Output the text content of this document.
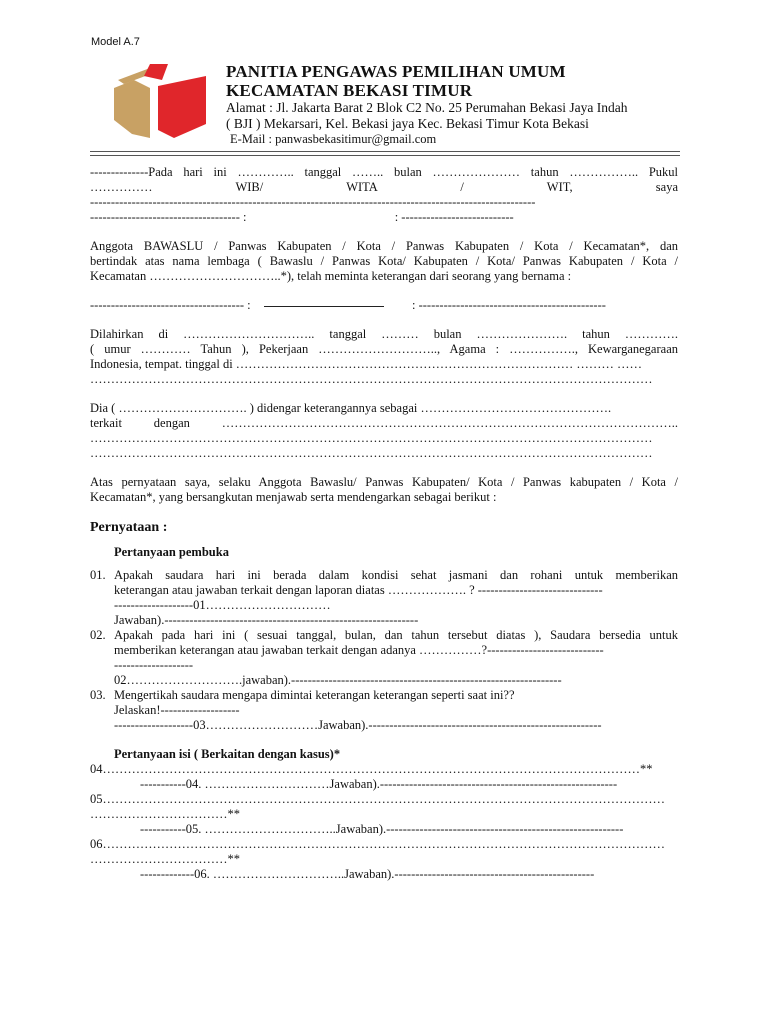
Model A.7
PANITIA PENGAWAS PEMILIHAN UMUM
KECAMATAN BEKASI TIMUR
Alamat : Jl. Jakarta Barat 2 Blok C2 No. 25 Perumahan Bekasi Jaya Indah
( BJI ) Mekarsari, Kel. Bekasi jaya Kec. Bekasi Timur Kota Bekasi
E-Mail : panwasbekasitimur@gmail.com
--------------Pada hari ini ………….. tanggal …….. bulan ………………… tahun …………….. Pukul
…………… WIB/ WITA / WIT, saya
-----------------------------------------------------------------------------------------------------------
------------------------------------ :	: ---------------------------
Anggota BAWASLU / Panwas Kabupaten / Kota / Panwas Kabupaten / Kota / Kecamatan*, dan
bertindak atas nama lembaga ( Bawaslu / Panwas Kota/ Kabupaten / Kota/ Panwas Kabupaten / Kota /
Kecamatan …………………………..*), telah meminta keterangan dari seorang yang bernama :
------------------------------------- :	: ---------------------------------------------
Dilahirkan di ………………………….. tanggal ……… bulan …………………. tahun ………….
( umur ………… Tahun ), Pekerjaan ……………………….., Agama : ……………., Kewarganegaraan
Indonesia, tempat. tinggal di ……………………………………………………………………… ……… ……
………………………………………………………………………………………………………………………
Dia ( …………………………. ) didengar keterangannya sebagai ……………………………………….
terkait dengan ………………………………………………………………………………………………..
………………………………………………………………………………………………………………………
………………………………………………………………………………………………………………………
Atas pernyataan saya, selaku Anggota Bawaslu/ Panwas Kabupaten/ Kota / Panwas kabupaten / Kota /
Kecamatan*, yang bersangkutan menjawab serta mendengarkan sebagai berikut :
Pernyataan :
Pertanyaan pembuka
01. Apakah saudara hari ini berada dalam kondisi sehat jasmani dan rohani untuk memberikan
keterangan atau jawaban terkait dengan laporan diatas ………………. ? ------------------------------
-------------------01…………………………
Jawaban).-------------------------------------------------------------
02. Apakah pada hari ini ( sesuai tanggal, bulan, dan tahun tersebut diatas ), Saudara bersedia untuk
memberikan keterangan atau jawaban terkait dengan adanya ……………?----------------------------
-------------------
02……………………….jawaban).-----------------------------------------------------------------
03. Mengertikah saudara mengapa dimintai keterangan keterangan seperti saat ini??
Jelaskan!-------------------
-------------------03………………………Jawaban).--------------------------------------------------------
Pertanyaan isi ( Berkaitan dengan kasus)*
04…………………………………………………………………………………………………………………**
-----------04. …………………………Jawaban).---------------------------------------------------------
05………………………………………………………………………………………………………………………
……………………………**
-----------05. …………………………..Jawaban).---------------------------------------------------------
06………………………………………………………………………………………………………………………
……………………………**
-------------06. …………………………..Jawaban).------------------------------------------------
